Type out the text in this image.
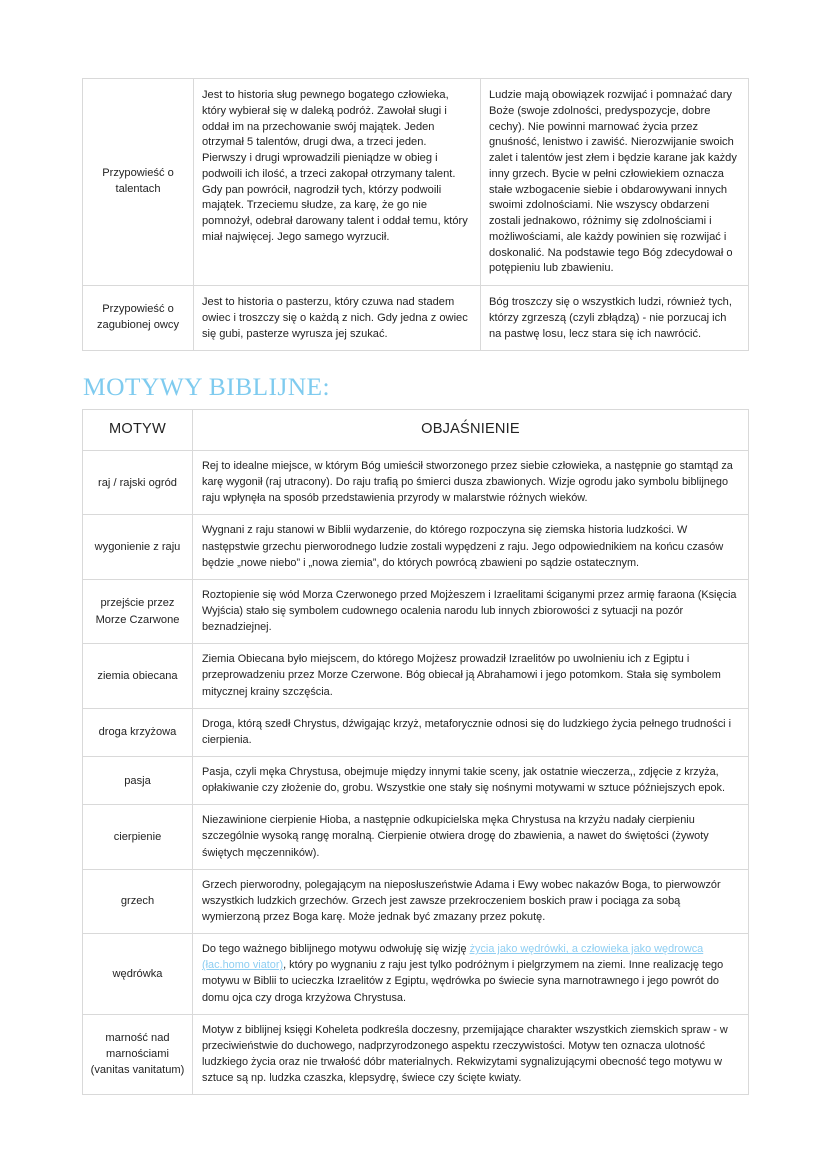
Przypowieść o talentach	Jest to historia sług pewnego bogatego człowieka, który wybierał się w daleką podróż. Zawołał sługi i oddał im na przechowanie swój majątek. Jeden otrzymał 5 talentów, drugi dwa, a trzeci jeden. Pierwszy i drugi wprowadzili pieniądze w obieg i podwoili ich ilość, a trzeci zakopał otrzymany talent. Gdy pan powrócił, nagrodził tych, którzy podwoili majątek. Trzeciemu słudze, za karę, że go nie pomnożył, odebrał darowany talent i oddał temu, który miał najwięcej. Jego samego wyrzucił.	Ludzie mają obowiązek rozwijać i pomnażać dary Boże (swoje zdolności, predyspozycje, dobre cechy). Nie powinni marnować życia przez gnuśność, lenistwo i zawiść. Nierozwijanie swoich zalet i talentów jest złem i będzie karane jak każdy inny grzech. Bycie w pełni człowiekiem oznacza stałe wzbogacenie siebie i obdarowywani innych swoimi zdolnościami. Nie wszyscy obdarzeni zostali jednakowo, różnimy się zdolnościami i możliwościami, ale każdy powinien się rozwijać i doskonalić. Na podstawie tego Bóg zdecydował o potępieniu lub zbawieniu.
Przypowieść o zagubionej owcy	Jest to historia o pasterzu, który czuwa nad stadem owiec i troszczy się o każdą z nich. Gdy jedna z owiec się gubi, pasterze wyrusza jej szukać.	Bóg troszczy się o wszystkich ludzi, również tych, którzy zgrzeszą (czyli zbłądzą) - nie porzucaj ich na pastwę losu, lecz stara się ich nawrócić.
MOTYWY BIBLIJNE:
MOTYW	OBJAŚNIENIE
raj / rajski ogród	Rej to idealne miejsce, w którym Bóg umieścił stworzonego przez siebie człowieka, a następnie go stamtąd za karę wygonił (raj utracony). Do raju trafią po śmierci dusza zbawionych. Wizje ogrodu jako symbolu biblijnego raju wpłynęła na sposób przedstawienia przyrody w malarstwie różnych wieków.
wygonienie z raju	Wygnani z raju stanowi w Biblii wydarzenie, do którego rozpoczyna się ziemska historia ludzkości. W następstwie grzechu pierworodnego ludzie zostali wypędzeni z raju. Jego odpowiednikiem na końcu czasów będzie „nowe niebo” i „nowa ziemia”, do których powrócą zbawieni po sądzie ostatecznym.
przejście przez Morze Czarwone	Roztopienie się wód Morza Czerwonego przed Mojżeszem i Izraelitami ściganymi przez armię faraona (Księcia Wyjścia) stało się symbolem cudownego ocalenia narodu lub innych zbiorowości z sytuacji na pozór beznadziejnej.
ziemia obiecana	Ziemia Obiecana było miejscem, do którego Mojżesz prowadził Izraelitów po uwolnieniu ich z Egiptu i przeprowadzeniu przez Morze Czerwone. Bóg obiecał ją Abrahamowi i jego potomkom. Stała się symbolem mitycznej krainy szczęścia.
droga krzyżowa	Droga, którą szedł Chrystus, dźwigając krzyż, metaforycznie odnosi się do ludzkiego życia pełnego trudności i cierpienia.
pasja	Pasja, czyli męka Chrystusa, obejmuje między innymi takie sceny, jak ostatnie wieczerza,, zdjęcie z krzyża, opłakiwanie czy złożenie do, grobu. Wszystkie one stały się nośnymi motywami w sztuce późniejszych epok.
cierpienie	Niezawinione cierpienie Hioba, a następnie odkupicielska męka Chrystusa na krzyżu nadały cierpieniu szczególnie wysoką rangę moralną. Cierpienie otwiera drogę do zbawienia, a nawet do świętości (żywoty świętych męczenników).
grzech	Grzech pierworodny, polegającym na nieposłuszeństwie Adama i Ewy wobec nakazów Boga, to pierwowzór wszystkich ludzkich grzechów. Grzech jest zawsze przekroczeniem boskich praw i pociąga za sobą wymierzoną przez Boga karę. Może jednak być zmazany przez pokutę.
wędrówka	Do tego ważnego biblijnego motywu odwołuję się wizję życia jako wędrówki, a człowieka jako wędrowca (łac.homo viator), który po wygnaniu z raju jest tylko podróżnym i pielgrzymem na ziemi. Inne realizację tego motywu w Biblii to ucieczka Izraelitów z Egiptu, wędrówka po świecie syna marnotrawnego i jego powrót do domu ojca czy droga krzyżowa Chrystusa.

marność nad marnościami (vanitas vanitatum)	Motyw z biblijnej księgi Koheleta podkreśla doczesny, przemijające charakter wszystkich ziemskich spraw - w przeciwieństwie do duchowego, nadprzyrodzonego aspektu rzeczywistości. Motyw ten oznacza ulotność ludzkiego życia oraz nie trwałość dóbr materialnych. Rekwizytami sygnalizującymi obecność tego motywu w sztuce są np. ludzka czaszka, klepsydrę, świece czy ścięte kwiaty.
